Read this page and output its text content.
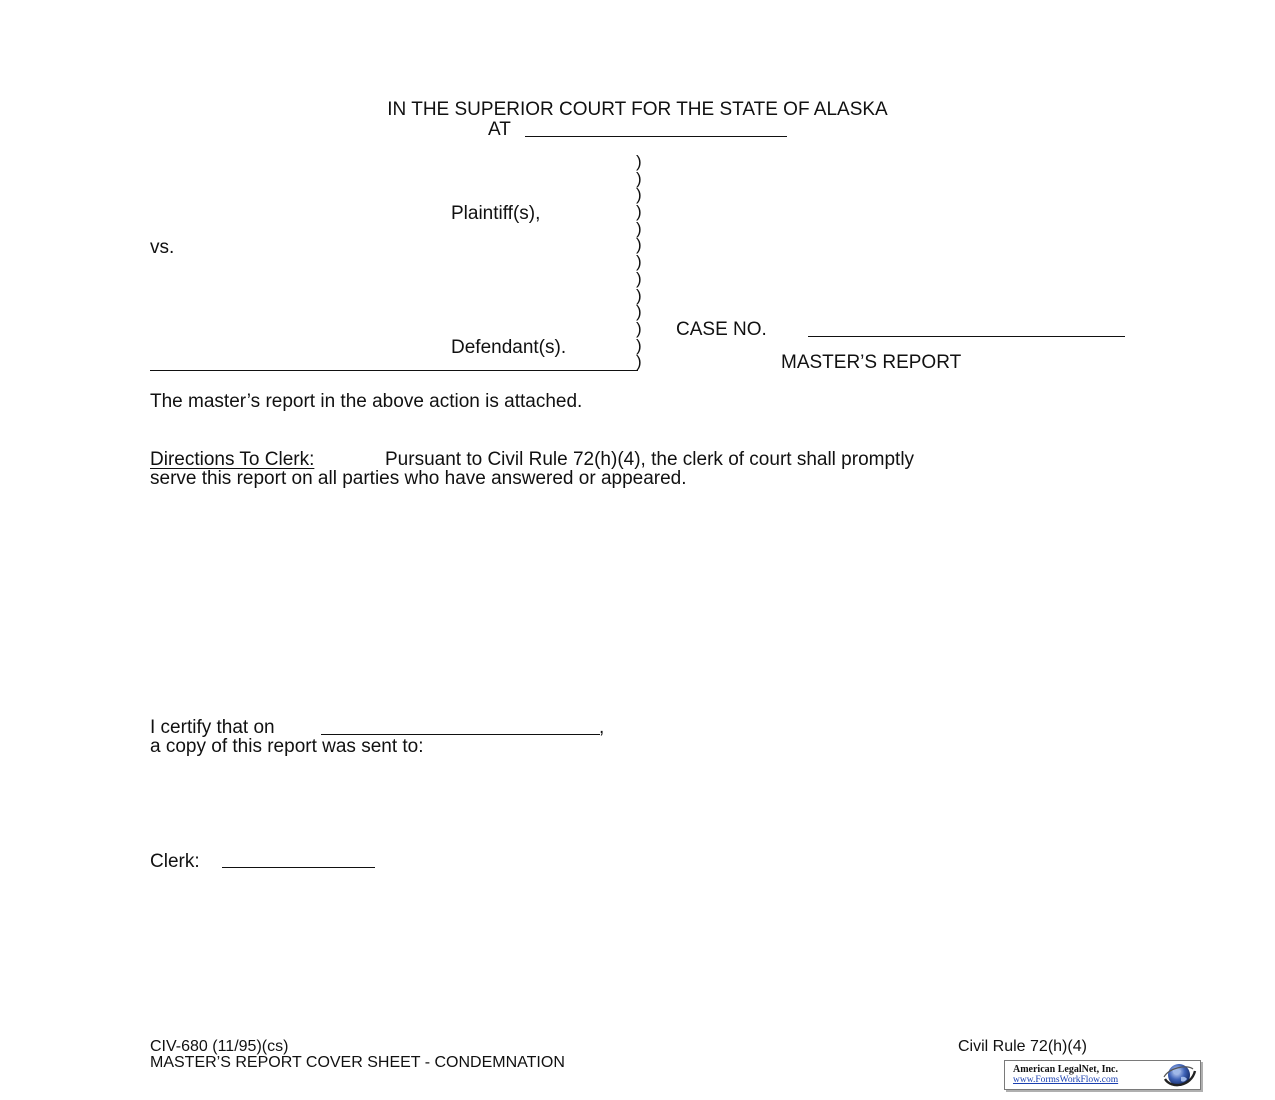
IN THE SUPERIOR COURT FOR THE STATE OF ALASKA
AT
)
)
)
)
)
)
)
)
)
)
)
)
)
Plaintiff(s),
vs.
Defendant(s).
CASE NO.
MASTER’S REPORT
The master’s report in the above action is attached.
Directions To Clerk:	Pursuant to Civil Rule 72(h)(4), the clerk of court shall promptly
serve this report on all parties who have answered or appeared.
I certify that on	,
a copy of this report was sent to:
Clerk:
CIV-680 (11/95)(cs)
MASTER’S REPORT COVER SHEET - CONDEMNATION
Civil Rule 72(h)(4)
American LegalNet, Inc.
www.FormsWorkFlow.com
